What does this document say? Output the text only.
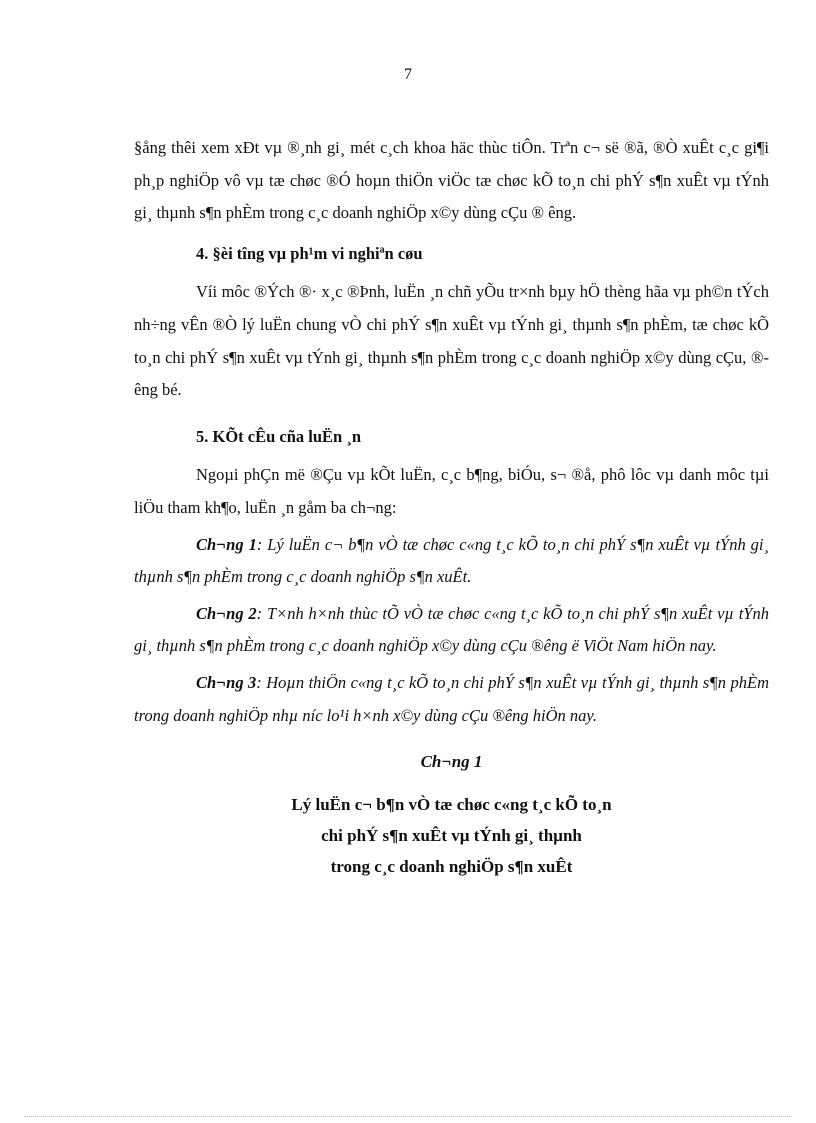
7

§ång thêi xem xÐt vµ ®¸nh gi¸ mét c¸ch khoa häc thùc tiÔn. Trªn c¬ së ®ã, ®Ò xuÊt c¸c gi¶i ph¸p nghiÖp vô vµ tæ chøc ®Ó hoµn thiÖn viÖc tæ chøc kÕ to¸n chi phÝ s¶n xuÊt vµ tÝnh gi¸ thµnh s¶n phÈm trong c¸c doanh nghiÖp x©y dùng cÇu ® êng.

4. §èi tîng vµ ph¹m vi nghiªn cøu

Víi môc ®Ých ®· x¸c ®Þnh, luËn ¸n chñ yÕu tr×nh bµy hÖ thèng hãa vµ ph©n tÝch nh÷ng vÊn ®Ò lý luËn chung vÒ chi phÝ s¶n xuÊt vµ tÝnh gi¸ thµnh s¶n phÈm, tæ chøc kÕ to¸n chi phÝ s¶n xuÊt vµ tÝnh gi¸ thµnh s¶n phÈm trong c¸c doanh nghiÖp x©y dùng cÇu, ®êng bé.

5. KÕt cÊu cña luËn ¸n

Ngoµi phÇn më ®Çu vµ kÕt luËn, c¸c b¶ng, biÓu, s¬ ®å, phô lôc vµ danh môc tµi liÖu tham kh¶o, luËn ¸n gåm ba ch¬ng:

Ch¬ng 1: Lý luËn c¬ b¶n vÒ tæ chøc c«ng t¸c kÕ to¸n chi phÝ s¶n xuÊt vµ tÝnh gi¸ thµnh s¶n phÈm trong c¸c doanh nghiÖp s¶n xuÊt.

Ch¬ng 2: T×nh h×nh thùc tÕ vÒ tæ chøc c«ng t¸c kÕ to¸n chi phÝ s¶n xuÊt vµ tÝnh gi¸ thµnh s¶n phÈm trong c¸c doanh nghiÖp x©y dùng cÇu ®êng ë ViÖt Nam hiÖn nay.

Ch¬ng 3: Hoµn thiÖn c«ng t¸c kÕ to¸n chi phÝ s¶n xuÊt vµ tÝnh gi¸ thµnh s¶n phÈm trong doanh nghiÖp nhµ níc lo¹i h×nh x©y dùng cÇu ®êng hiÖn nay.

Ch¬ng 1
Lý luËn c¬ b¶n vÒ tæ chøc c«ng t¸c kÕ to¸n
chi phÝ s¶n xuÊt vµ tÝnh gi¸ thµnh
trong c¸c doanh nghiÖp s¶n xuÊt
